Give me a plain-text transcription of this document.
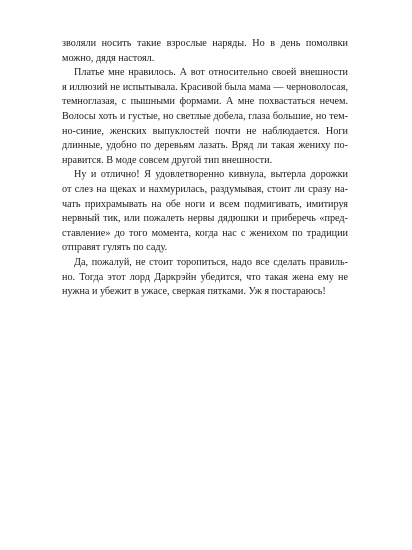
зволяли носить такие взрослые наряды. Но в день помолвки
можно, дядя настоял.
Платье мне нравилось. А вот относительно своей внешности
я иллюзий не испытывала. Красивой была мама — черноволосая,
темноглазая, с пышными формами. А мне похвастаться нечем.
Волосы хоть и густые, но светлые добела, глаза большие, но тем-
но-синие, женских выпуклостей почти не наблюдается. Ноги
длинные, удобно по деревьям лазать. Вряд ли такая жениху по-
нравится. В моде совсем другой тип внешности.
Ну и отлично! Я удовлетворенно кивнула, вытерла дорожки
от слез на щеках и нахмурилась, раздумывая, стоит ли сразу на-
чать прихрамывать на обе ноги и всем подмигивать, имитируя
нервный тик, или пожалеть нервы дядюшки и приберечь «пред-
ставление» до того момента, когда нас с женихом по традиции
отправят гулять по саду.
Да, пожалуй, не стоит торопиться, надо все сделать правиль-
но. Тогда этот лорд Даркрэйн убедится, что такая жена ему не
нужна и убежит в ужасе, сверкая пятками. Уж я постараюсь!
